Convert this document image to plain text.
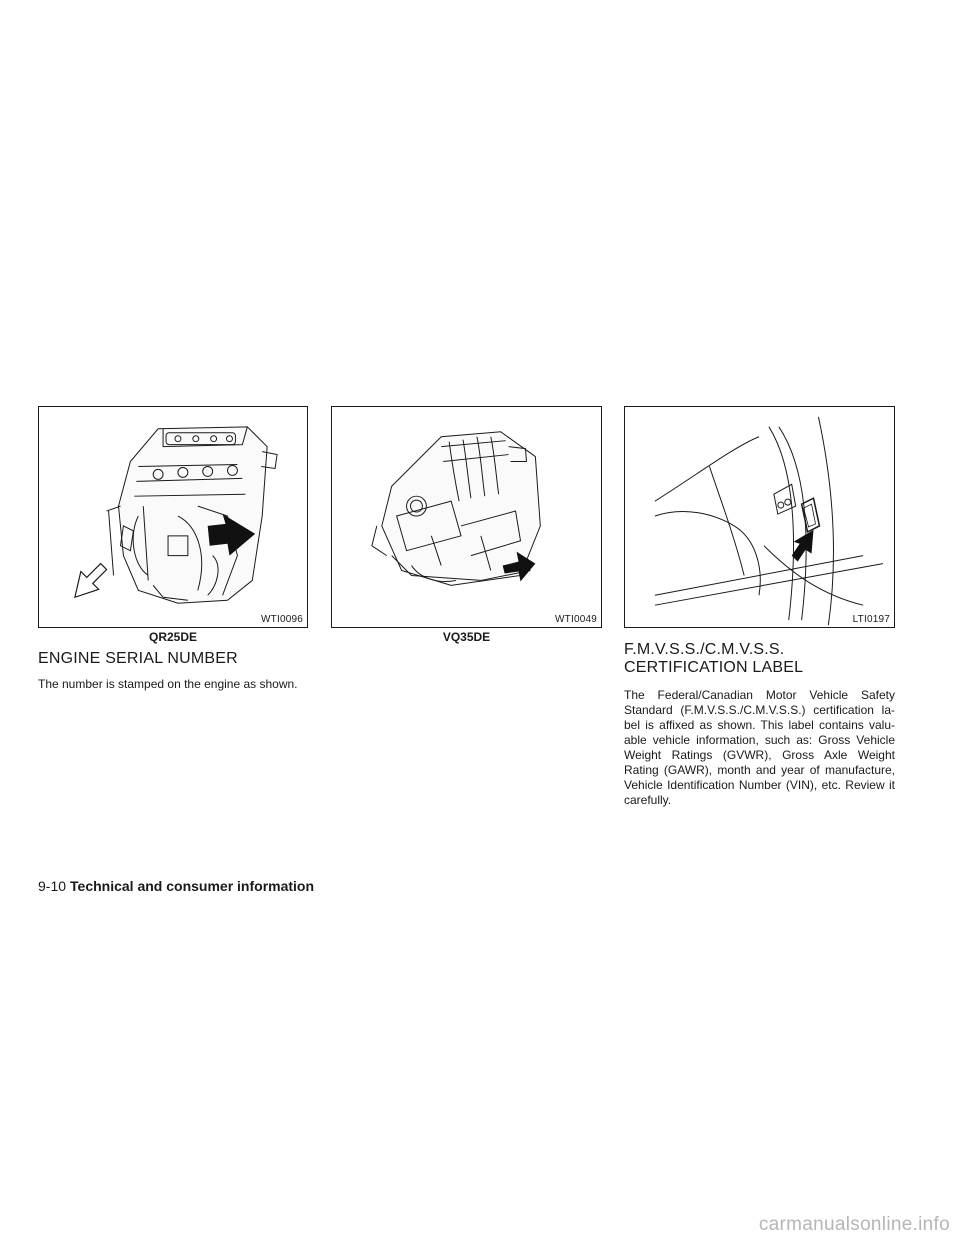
WTI0096
QR25DE
WTI0049
VQ35DE
LTI0197
ENGINE SERIAL NUMBER

The number is stamped on the engine as shown.

F.M.V.S.S./C.M.V.S.S.
CERTIFICATION LABEL

The Federal/Canadian Motor Vehicle Safety Standard (F.M.V.S.S./C.M.V.S.S.) certification la-bel is affixed as shown. This label contains valu-able vehicle information, such as: Gross Vehicle Weight Ratings (GVWR), Gross Axle Weight Rating (GAWR), month and year of manufacture, Vehicle Identification Number (VIN), etc. Review it carefully.

9-10 Technical and consumer information
carmanualsonline.info
